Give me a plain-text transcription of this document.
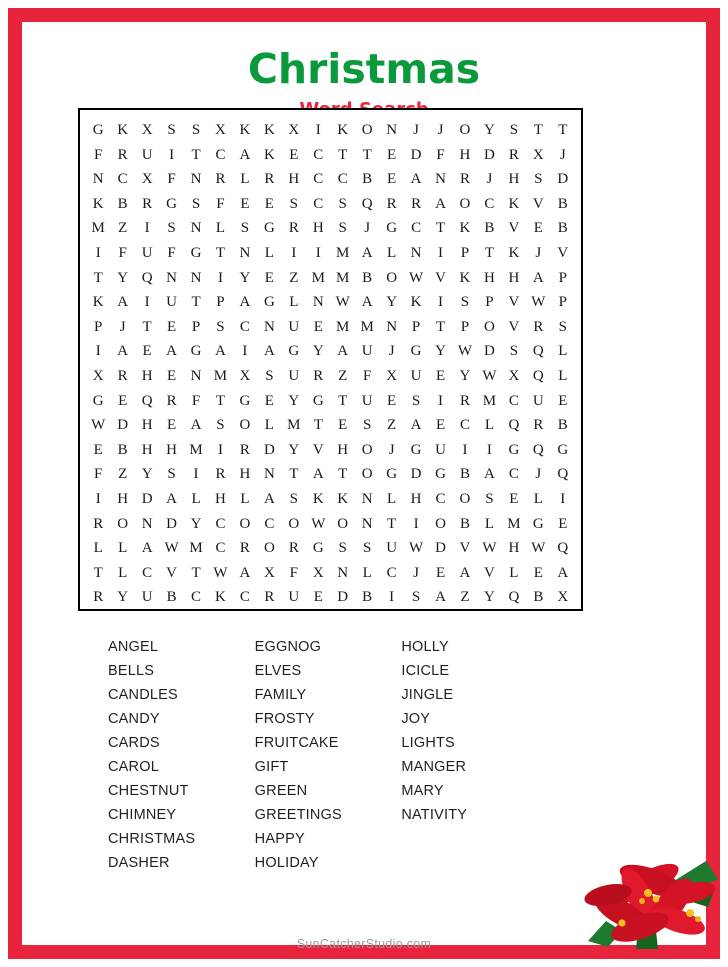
Christmas
G K X S	S X K K X	I	K O N	J	J	O Y S	T	T
F	R U	I	T C A K E C T	T	E D F H D R X	J
N C X F N R L R H C C B E A N R	J	H S D
K B R G S	F	E	E	S	C	S Q R R A O C K V B
M Z	I	S N L	S G R H S	J	G C T K B V E B
I	F U F G T N L	I	I	M A L N	I	P	T K	J	V
T Y Q N N	I	Y E	Z M M B O W V K H H A P
K A	I	U T	P A G L N W A Y K	I	S	P V W P
P	J	T	E	P	S	C N U E M M N P	T	P O V R	S
I	A E A G A	I	A G Y A U	J	G Y W D S Q L
X R H E N M X S U R Z	F X U E Y W X Q L
G E Q R	F	T G E Y G T U E	S	I	R M C U E
W D H E A S O L M T	E	S	Z A E C L Q R B
E B H H M	I	R D Y V H O	J	G U	I	I	G Q G
F	Z Y S	I	R H N T A T O G D G B A C	J	Q
I	H D A L H L A S K K N L H C O S	E	L	I
R O N D Y C O C O W O N T	I	O B L M G E
L	L A W M C R O R G S	S U W D V W H W Q
T	L C V T W A X F X N L C	J	E A V L	E A
R Y U B C K C R U E D B	I	S A Z Y Q B X
ANGEL
BELLS
CANDLES
CANDY
CARDS
CAROL
CHESTNUT
CHIMNEY
CHRISTMAS
DASHER
EGGNOG
ELVES
FAMILY
FROSTY
FRUITCAKE
GIFT
GREEN
GREETINGS
HAPPY
HOLIDAY
HOLLY
ICICLE
JINGLE
JOY
LIGHTS
MANGER
MARY
NATIVITY
SunCatcherStudio.com
